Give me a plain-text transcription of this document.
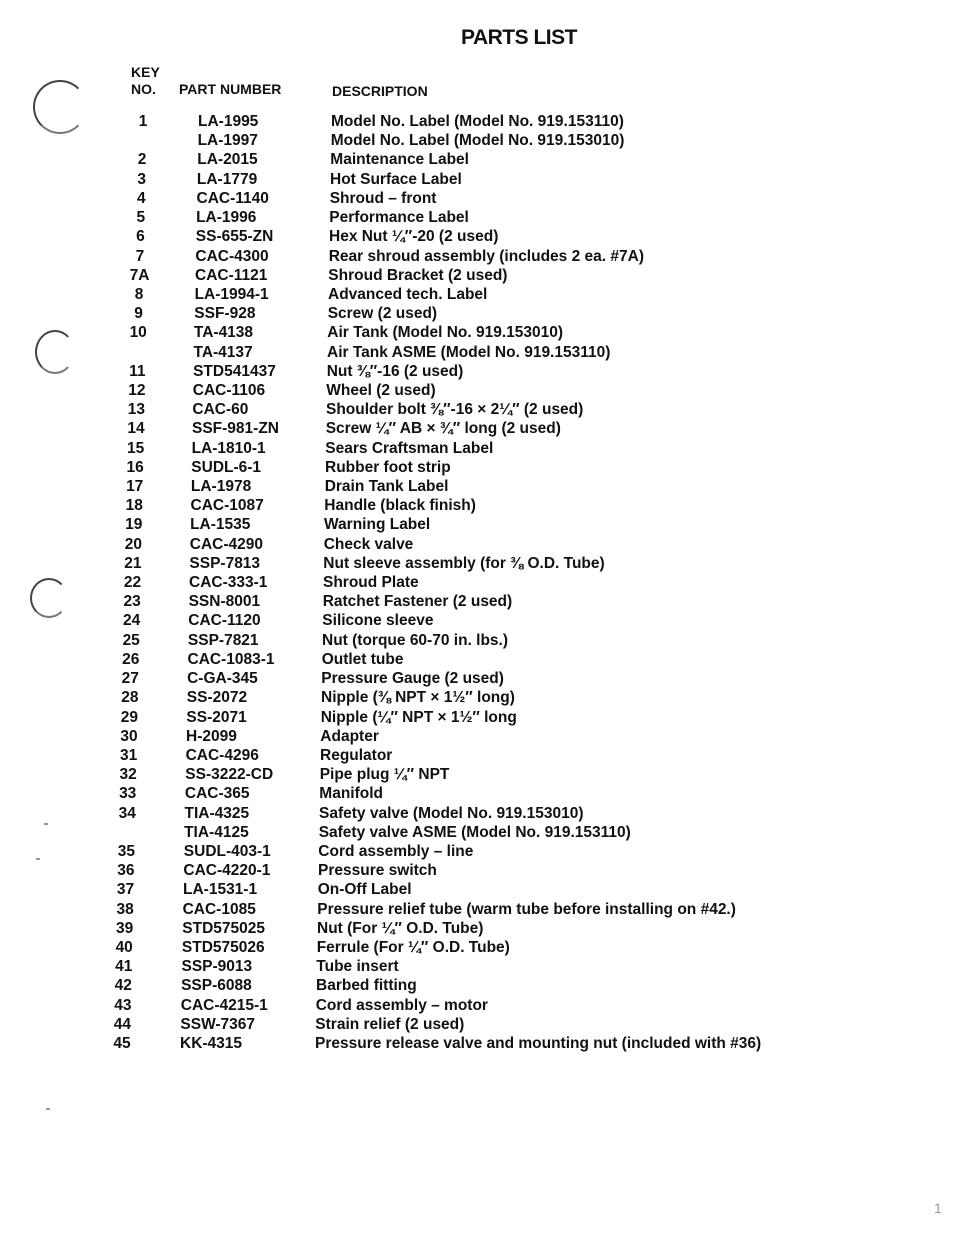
PARTS LIST
KEY
NO. PART NUMBER	DESCRIPTION
1	LA-1995	Model No. Label (Model No. 919.153110)
LA-1997	Model No. Label (Model No. 919.153010)
2	LA-2015	Maintenance Label
3	LA-1779	Hot Surface Label
4	CAC-1140	Shroud – front
5	LA-1996	Performance Label
6	SS-655-ZN	Hex Nut ¼″-20 (2 used)
7	CAC-4300	Rear shroud assembly (includes 2 ea. #7A)
7A	CAC-1121	Shroud Bracket (2 used)
8	LA-1994-1	Advanced tech. Label
9	SSF-928	Screw (2 used)
10	TA-4138	Air Tank (Model No. 919.153010)
TA-4137	Air Tank ASME (Model No. 919.153110)
11	STD541437	Nut ⅜″-16 (2 used)
12	CAC-1106	Wheel (2 used)
13	CAC-60	Shoulder bolt ⅜″-16 × 2¼″ (2 used)
14	SSF-981-ZN	Screw ¼″ AB × ¾″ long (2 used)
15	LA-1810-1	Sears Craftsman Label
16	SUDL-6-1	Rubber foot strip
17	LA-1978	Drain Tank Label
18	CAC-1087	Handle (black finish)
19	LA-1535	Warning Label
20	CAC-4290	Check valve
21	SSP-7813	Nut sleeve assembly (for ⅜ O.D. Tube)
22	CAC-333-1	Shroud Plate
23	SSN-8001	Ratchet Fastener (2 used)
24	CAC-1120	Silicone sleeve
25	SSP-7821	Nut (torque 60-70 in. lbs.)
26	CAC-1083-1	Outlet tube
27	C-GA-345	Pressure Gauge (2 used)
28	SS-2072	Nipple (⅜ NPT × 1½″ long)
29	SS-2071	Nipple (¼″ NPT × 1½″ long
30	H-2099	Adapter
31	CAC-4296	Regulator
32	SS-3222-CD	Pipe plug ¼″ NPT
33	CAC-365	Manifold
34	TIA-4325	Safety valve (Model No. 919.153010)
TIA-4125	Safety valve ASME (Model No. 919.153110)
35	SUDL-403-1	Cord assembly – line
36	CAC-4220-1	Pressure switch
37	LA-1531-1	On-Off Label
38	CAC-1085	Pressure relief tube (warm tube before installing on #42.)
39	STD575025	Nut (For ¼″ O.D. Tube)
40	STD575026	Ferrule (For ¼″ O.D. Tube)
41	SSP-9013	Tube insert
42	SSP-6088	Barbed fitting
43	CAC-4215-1	Cord assembly – motor
44	SSW-7367	Strain relief (2 used)
45	KK-4315	Pressure release valve and mounting nut (included with #36)
1
